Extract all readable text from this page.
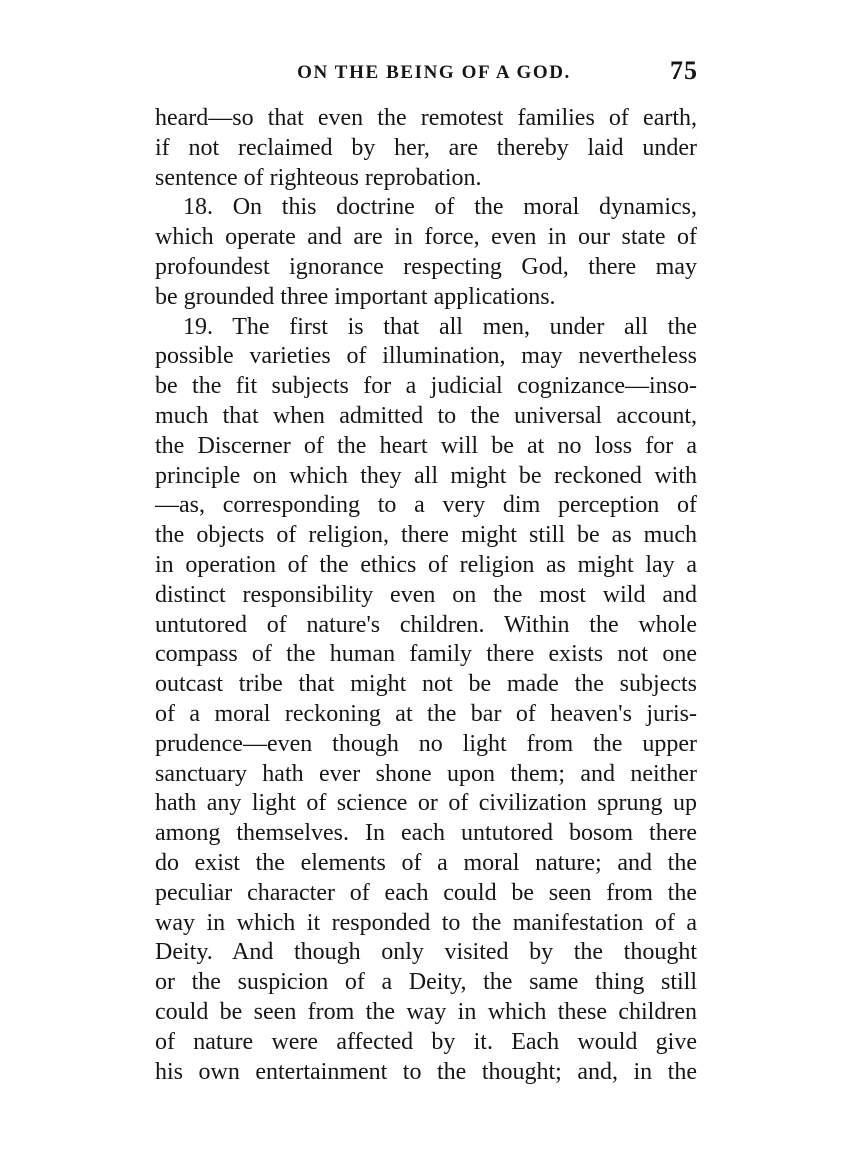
ON THE BEING OF A GOD.	75
heard—so that even the remotest families of earth,
if not reclaimed by her, are thereby laid under
sentence of righteous reprobation.
18. On this doctrine of the moral dynamics,
which operate and are in force, even in our state of
profoundest ignorance respecting God, there may
be grounded three important applications.
19. The first is that all men, under all the
possible varieties of illumination, may nevertheless
be the fit subjects for a judicial cognizance—inso-
much that when admitted to the universal account,
the Discerner of the heart will be at no loss for a
principle on which they all might be reckoned with
—as, corresponding to a very dim perception of
the objects of religion, there might still be as much
in operation of the ethics of religion as might lay a
distinct responsibility even on the most wild and
untutored of nature's children. Within the whole
compass of the human family there exists not one
outcast tribe that might not be made the subjects
of a moral reckoning at the bar of heaven's juris-
prudence—even though no light from the upper
sanctuary hath ever shone upon them; and neither
hath any light of science or of civilization sprung up
among themselves. In each untutored bosom there
do exist the elements of a moral nature; and the
peculiar character of each could be seen from the
way in which it responded to the manifestation of a
Deity. And though only visited by the thought
or the suspicion of a Deity, the same thing still
could be seen from the way in which these children
of nature were affected by it. Each would give
his own entertainment to the thought; and, in the
